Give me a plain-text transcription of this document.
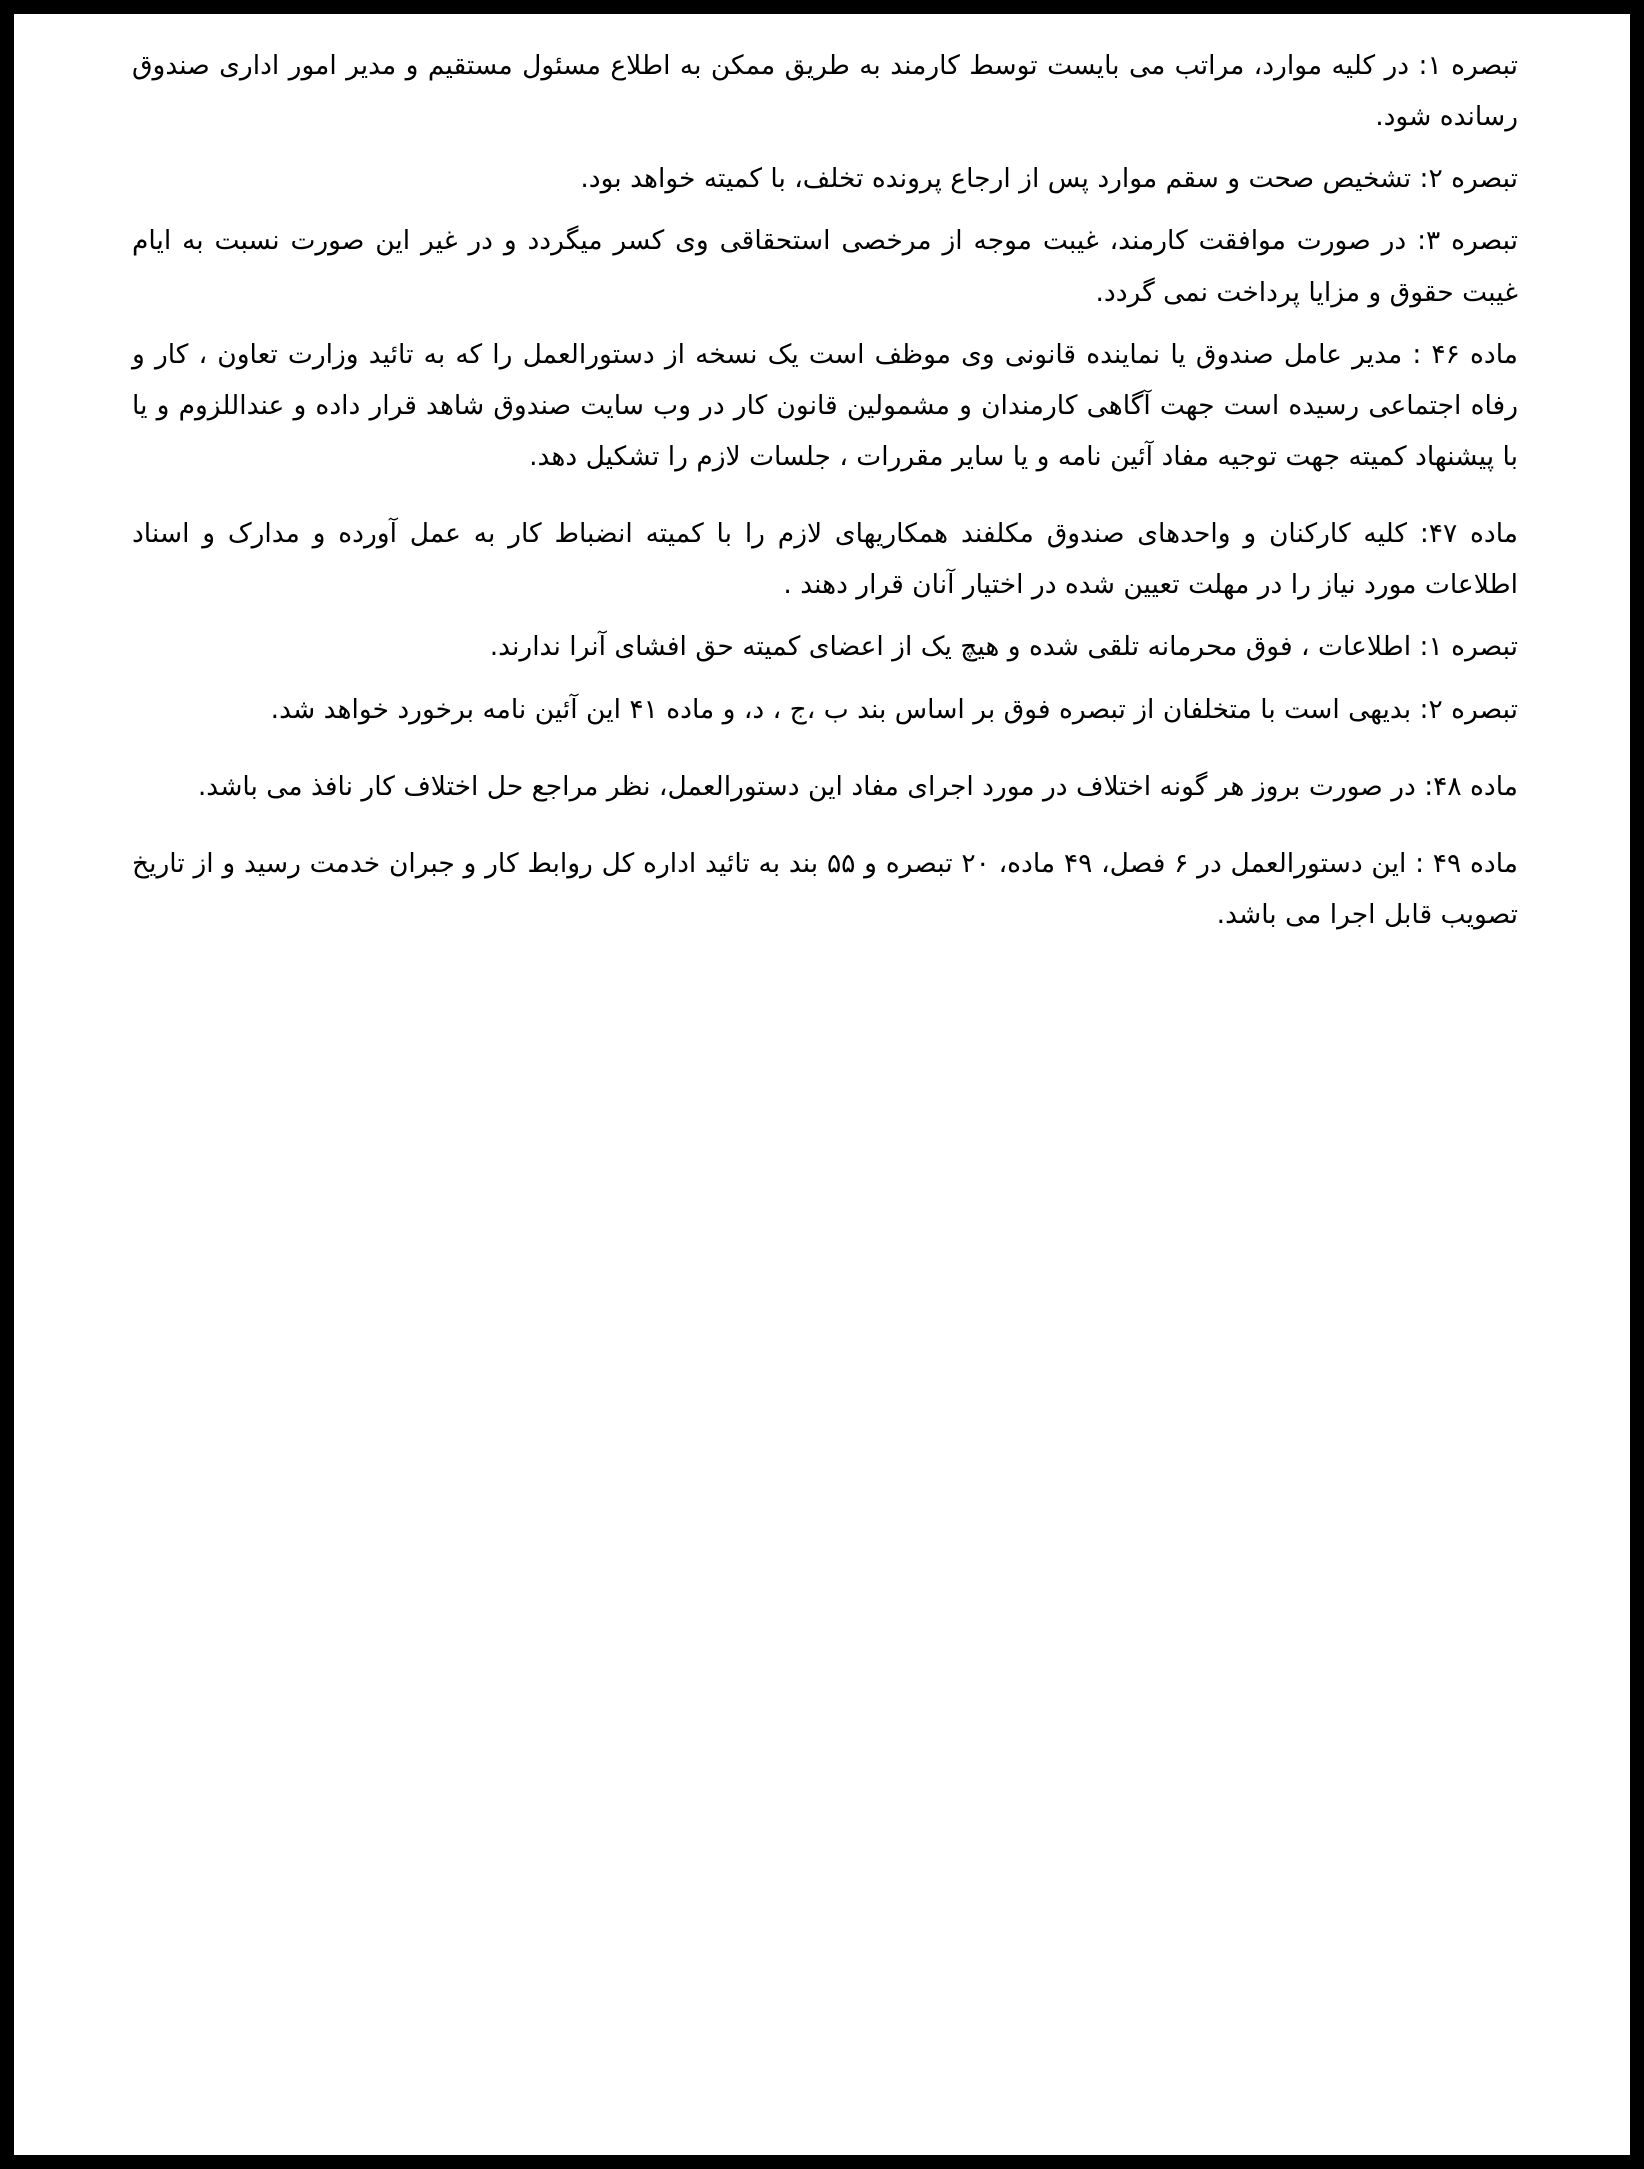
تبصره ۱: در کلیه موارد، مراتب می بایست توسط کارمند به طریق ممکن به اطلاع مسئول مستقیم و مدیر امور اداری صندوق رسانده شود.

تبصره ۲: تشخیص صحت و سقم موارد پس از ارجاع پرونده تخلف، با کمیته خواهد بود.

تبصره ۳: در صورت موافقت کارمند، غیبت موجه از مرخصی استحقاقی وی کسر میگردد و در غیر این صورت نسبت به ایام غیبت حقوق و مزایا پرداخت نمی گردد.

ماده ۴۶ : مدیر عامل صندوق یا نماینده قانونی وی موظف است یک نسخه از دستورالعمل را که به تائید وزارت تعاون ، کار و رفاه اجتماعی رسیده است جهت آگاهی کارمندان و مشمولین قانون کار در وب سایت صندوق شاهد قرار داده و عنداللزوم و یا با پیشنهاد کمیته جهت توجیه مفاد آئین نامه و یا سایر مقررات ، جلسات لازم را تشکیل دهد.

ماده ۴۷: کلیه کارکنان و واحدهای صندوق مکلفند همکاریهای لازم را با کمیته انضباط کار به عمل آورده و مدارک و اسناد اطلاعات مورد نیاز را در مهلت تعیین شده در اختیار آنان قرار دهند .

تبصره ۱: اطلاعات ، فوق محرمانه تلقی شده و هیچ یک از اعضای کمیته حق افشای آنرا ندارند.

تبصره ۲: بدیهی است با متخلفان از تبصره فوق بر اساس بند ب ،ج ، د، و ماده ۴۱ این آئین نامه برخورد خواهد شد.

ماده ۴۸: در صورت بروز هر گونه اختلاف در مورد اجرای مفاد این دستورالعمل، نظر مراجع حل اختلاف کار نافذ می باشد.

ماده ۴۹ : این دستورالعمل در ۶ فصل، ۴۹ ماده، ۲۰ تبصره و ۵۵ بند به تائید اداره کل روابط کار و جبران خدمت رسید و از تاریخ تصویب قابل اجرا می باشد.
